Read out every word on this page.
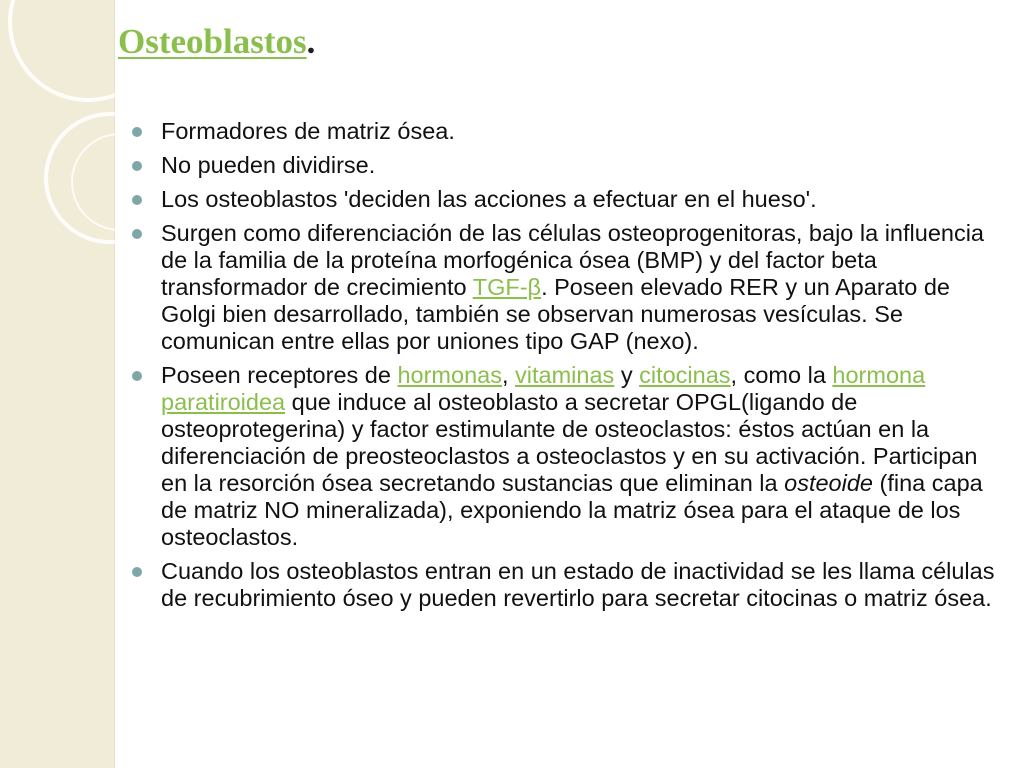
Osteoblastos.
Formadores de matriz ósea.
No pueden dividirse.
Los osteoblastos 'deciden las acciones a efectuar en el hueso'.
Surgen como diferenciación de las células osteoprogenitoras, bajo la influencia de la familia de la proteína morfogénica ósea (BMP) y del factor beta transformador de crecimiento TGF-β. Poseen elevado RER y un Aparato de Golgi bien desarrollado, también se observan numerosas vesículas. Se comunican entre ellas por uniones tipo GAP (nexo).
Poseen receptores de hormonas, vitaminas y citocinas, como la hormona paratiroidea que induce al osteoblasto a secretar OPGL(ligando de osteoprotegerina) y factor estimulante de osteoclastos: éstos actúan en la diferenciación de preosteoclastos a osteoclastos y en su activación. Participan en la resorción ósea secretando sustancias que eliminan la osteoide (fina capa de matriz NO mineralizada), exponiendo la matriz ósea para el ataque de los osteoclastos.
Cuando los osteoblastos entran en un estado de inactividad se les llama células de recubrimiento óseo y pueden revertirlo para secretar citocinas o matriz ósea.
